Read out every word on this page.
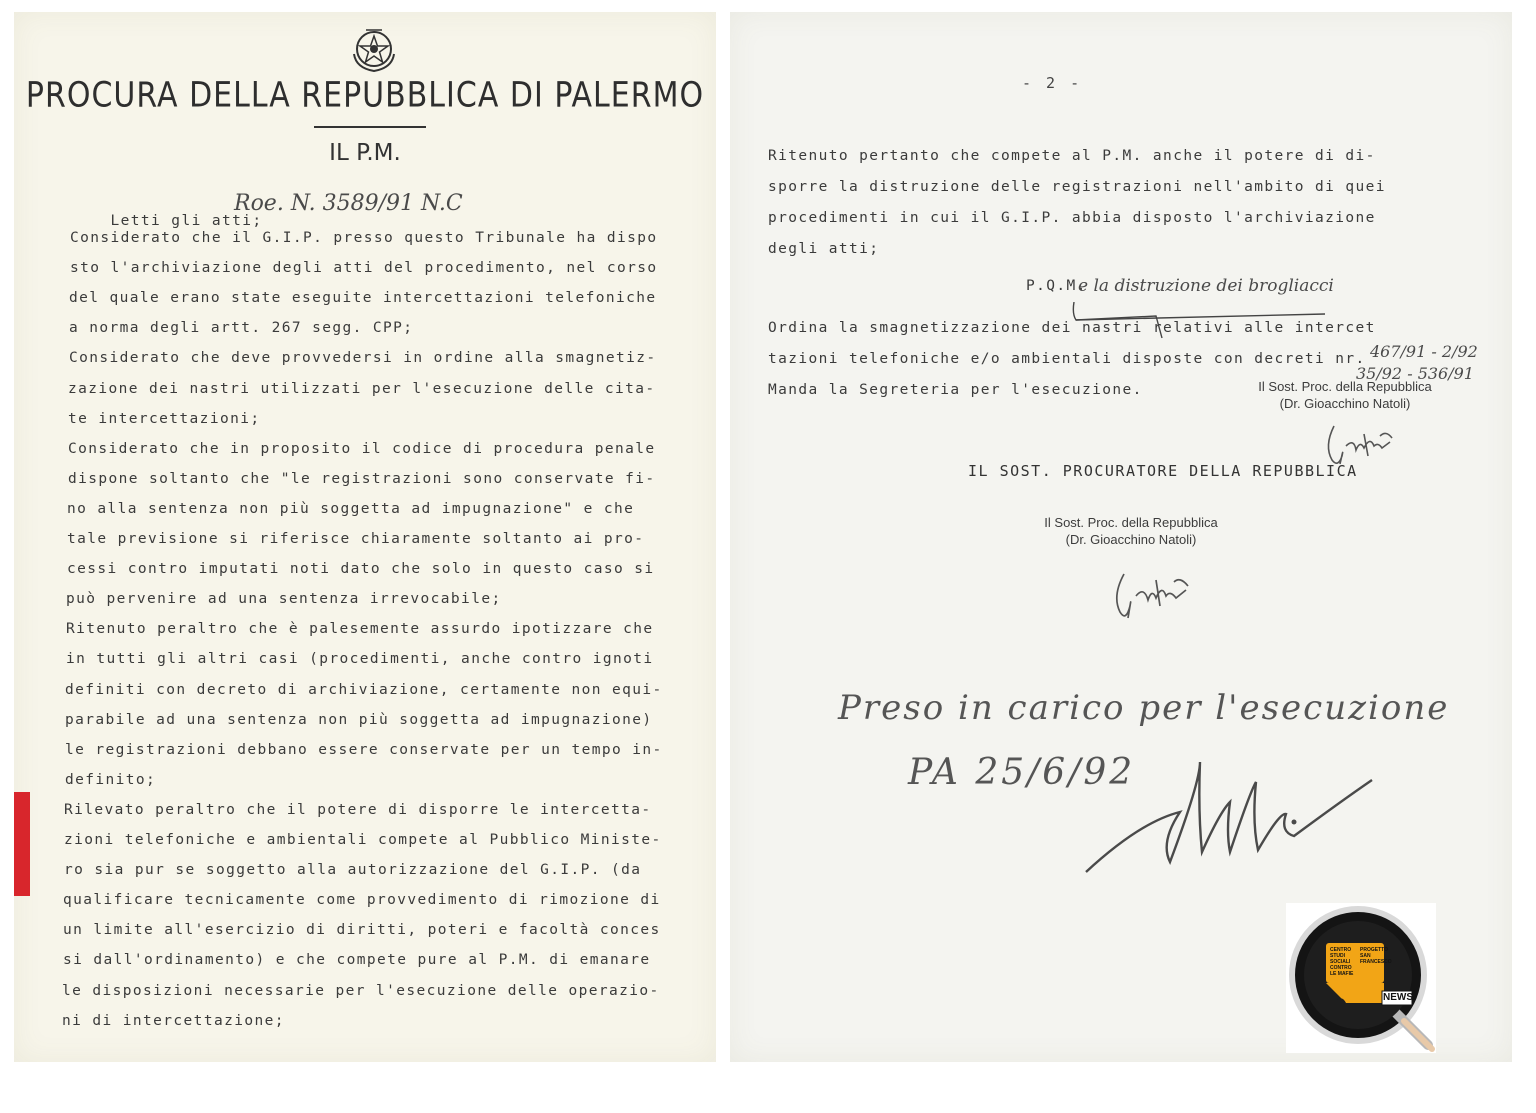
PROCURA DELLA REPUBBLICA DI PALERMO
IL P.M.

Letti gli atti;

Roe. N. 3589/91 N.C
Considerato che il G.I.P. presso questo Tribunale ha dispo
sto l'archiviazione degli atti del procedimento, nel corso
del quale erano state eseguite intercettazioni telefoniche
a norma degli artt. 267 segg. CPP;
Considerato che deve provvedersi in ordine alla smagnetiz-
zazione dei nastri utilizzati per l'esecuzione delle cita-
te intercettazioni;
Considerato che in proposito il codice di procedura penale
dispone soltanto che "le registrazioni sono conservate fi-
no alla sentenza non più soggetta ad impugnazione" e che
tale previsione si riferisce chiaramente soltanto ai pro-
cessi contro imputati noti dato che solo in questo caso si
può pervenire ad una sentenza irrevocabile;
Ritenuto peraltro che è palesemente assurdo ipotizzare che
in tutti gli altri casi (procedimenti, anche contro ignoti
definiti con decreto di archiviazione, certamente non equi-
parabile ad una sentenza non più soggetta ad impugnazione)
le registrazioni debbano essere conservate per un tempo in-
definito;
Rilevato peraltro che il potere di disporre le intercetta-
zioni telefoniche e ambientali compete al Pubblico Ministe-
ro sia pur se soggetto alla autorizzazione del G.I.P. (da
qualificare tecnicamente come provvedimento di rimozione di
un limite all'esercizio di diritti, poteri e facoltà conces
si dall'ordinamento) e che compete pure al P.M. di emanare
le disposizioni necessarie per l'esecuzione delle operazio-
ni di intercettazione;
- 2 -
Ritenuto pertanto che compete al P.M. anche il potere di di-
sporre la distruzione delle registrazioni nell'ambito di quei
procedimenti in cui il G.I.P. abbia disposto l'archiviazione
degli atti;
P.Q.M.
e la distruzione dei brogliacci
Ordina la smagnetizzazione dei nastri relativi alle intercet
tazioni telefoniche e/o ambientali disposte con decreti nr.
Manda la Segreteria per l'esecuzione.
467/91 - 2/92
35/92 - 536/91
Il Sost. Proc. della Repubblica
(Dr. Gioacchino Natoli)
IL SOST. PROCURATORE DELLA REPUBBLICA
Il Sost. Proc. della Repubblica
(Dr. Gioacchino Natoli)
Preso in carico per l'esecuzione
PA 25/6/92
CENTRO STUDI SOCIALI CONTRO LE MAFIE
PROGETTO SAN FRANCESCO
NEWS
